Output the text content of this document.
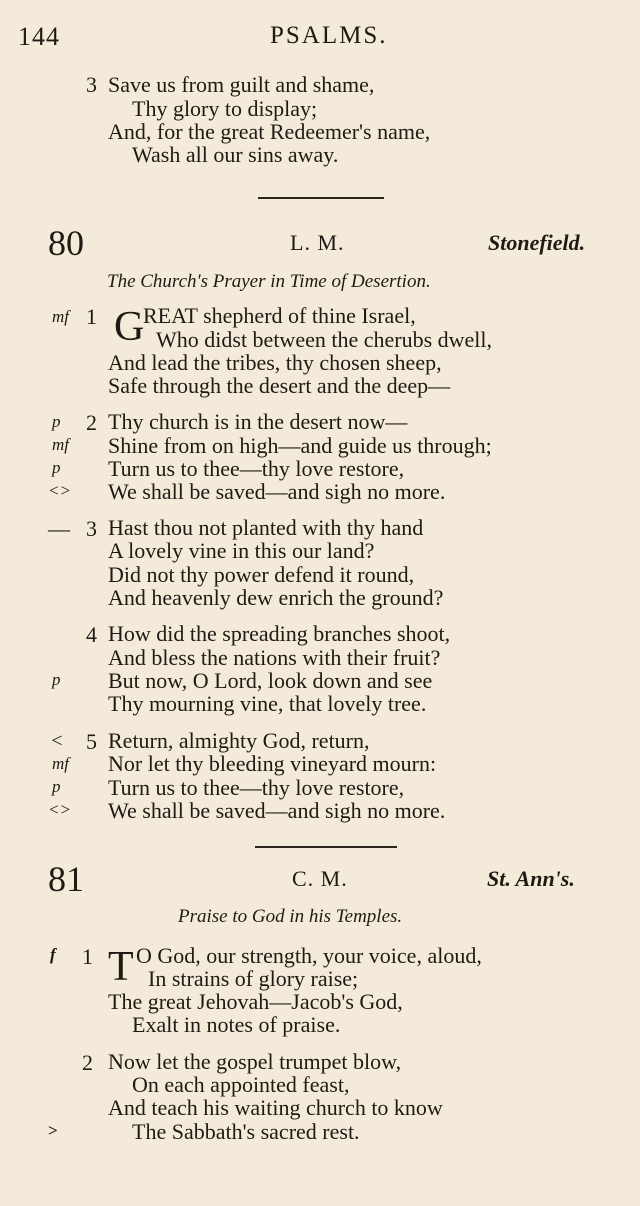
144	PSALMS.
3 Save us from guilt and shame,
Thy glory to display;
And, for the great Redeemer's name,
Wash all our sins away.
80	L. M.	Stonefield.
The Church's Prayer in Time of Desertion.
mf 1 G
REAT shepherd of thine Israel,
Who didst between the cherubs dwell,
And lead the tribes, thy chosen sheep,
Safe through the desert and the deep—
p 2 Thy church is in the desert now—
mf Shine from on high—and guide us through;
p Turn us to thee—thy love restore,
<> We shall be saved—and sigh no more.
— 3 Hast thou not planted with thy hand
A lovely vine in this our land?
Did not thy power defend it round,
And heavenly dew enrich the ground?
4 How did the spreading branches shoot,
And bless the nations with their fruit?
p But now, O Lord, look down and see
Thy mourning vine, that lovely tree.
< 5 Return, almighty God, return,
mf Nor let thy bleeding vineyard mourn:
p Turn us to thee—thy love restore,
<> We shall be saved—and sigh no more.
81	C. M.	St. Ann's.
Praise to God in his Temples.
f 1 T O God, our strength, your voice, aloud,
In strains of glory raise;
The great Jehovah—Jacob's God,
Exalt in notes of praise.
2 Now let the gospel trumpet blow,
On each appointed feast,
And teach his waiting church to know
>	The Sabbath's sacred rest.
